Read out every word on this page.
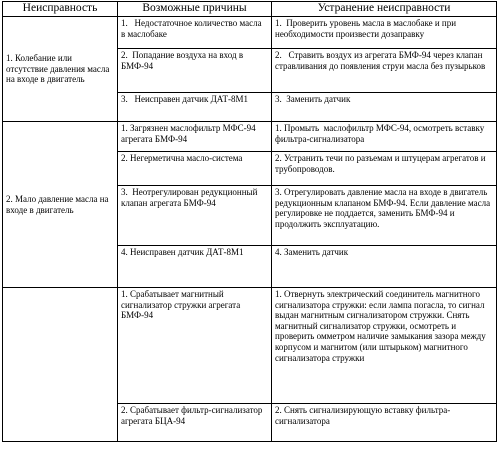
Неисправность	Возможные причины	Устранение неисправности
1. Колебание или отсутствие давления масла на входе в двигатель	1.   Недостаточное количество масла в маслобаке	1.  Проверить уровень масла в маслобаке и при необходимости произвести дозаправку

	2.  Попадание воздуха на вход в БМФ-94	2.   Стравить воздух из агрегата БМФ-94 через клапан стравливания до появления струи масла без пузырьков

	3.   Неисправен датчик ДАТ-8М1	3.  Заменить датчик

2. Мало давление масла на входе в двигатель	1. Загрязнен маслофильтр МФС-94 агрегата БМФ-94	1. Промыть  маслофильтр МФС-94, осмотреть вставку фильтра-сигнализатора

	2. Негерметична масло-система	2. Устранить течи по разъемам и штуцерам агрегатов и трубопроводов.

	3.  Неотрегулирован редукционный клапан агрегата БМФ-94	3. Отрегулировать давление масла на входе в двигатель редукционным клапаном БМФ-94. Если давление масла регулировке не поддается, заменить БМФ-94 и продолжить эксплуатацию.

	4. Неисправен датчик ДАТ-8М1	4. Заменить датчик

	1. Срабатывает магнитный сигнализатор стружки агрегата БМФ-94	1. Отвернуть электрический соединитель магнитного сигнализатора стружки: если лампа погасла, то сигнал выдан магнитным сигнализатором стружки. Снять магнитный сигнализатор стружки, осмотреть и проверить омметром наличие замыкания зазора между корпусом и магнитом (или штырьком) магнитного сигнализатора стружки

	2. Срабатывает фильтр-сигнализатор агрегата БЦА-94	2. Снять сигнализирующую вставку фильтра-сигнализатора
